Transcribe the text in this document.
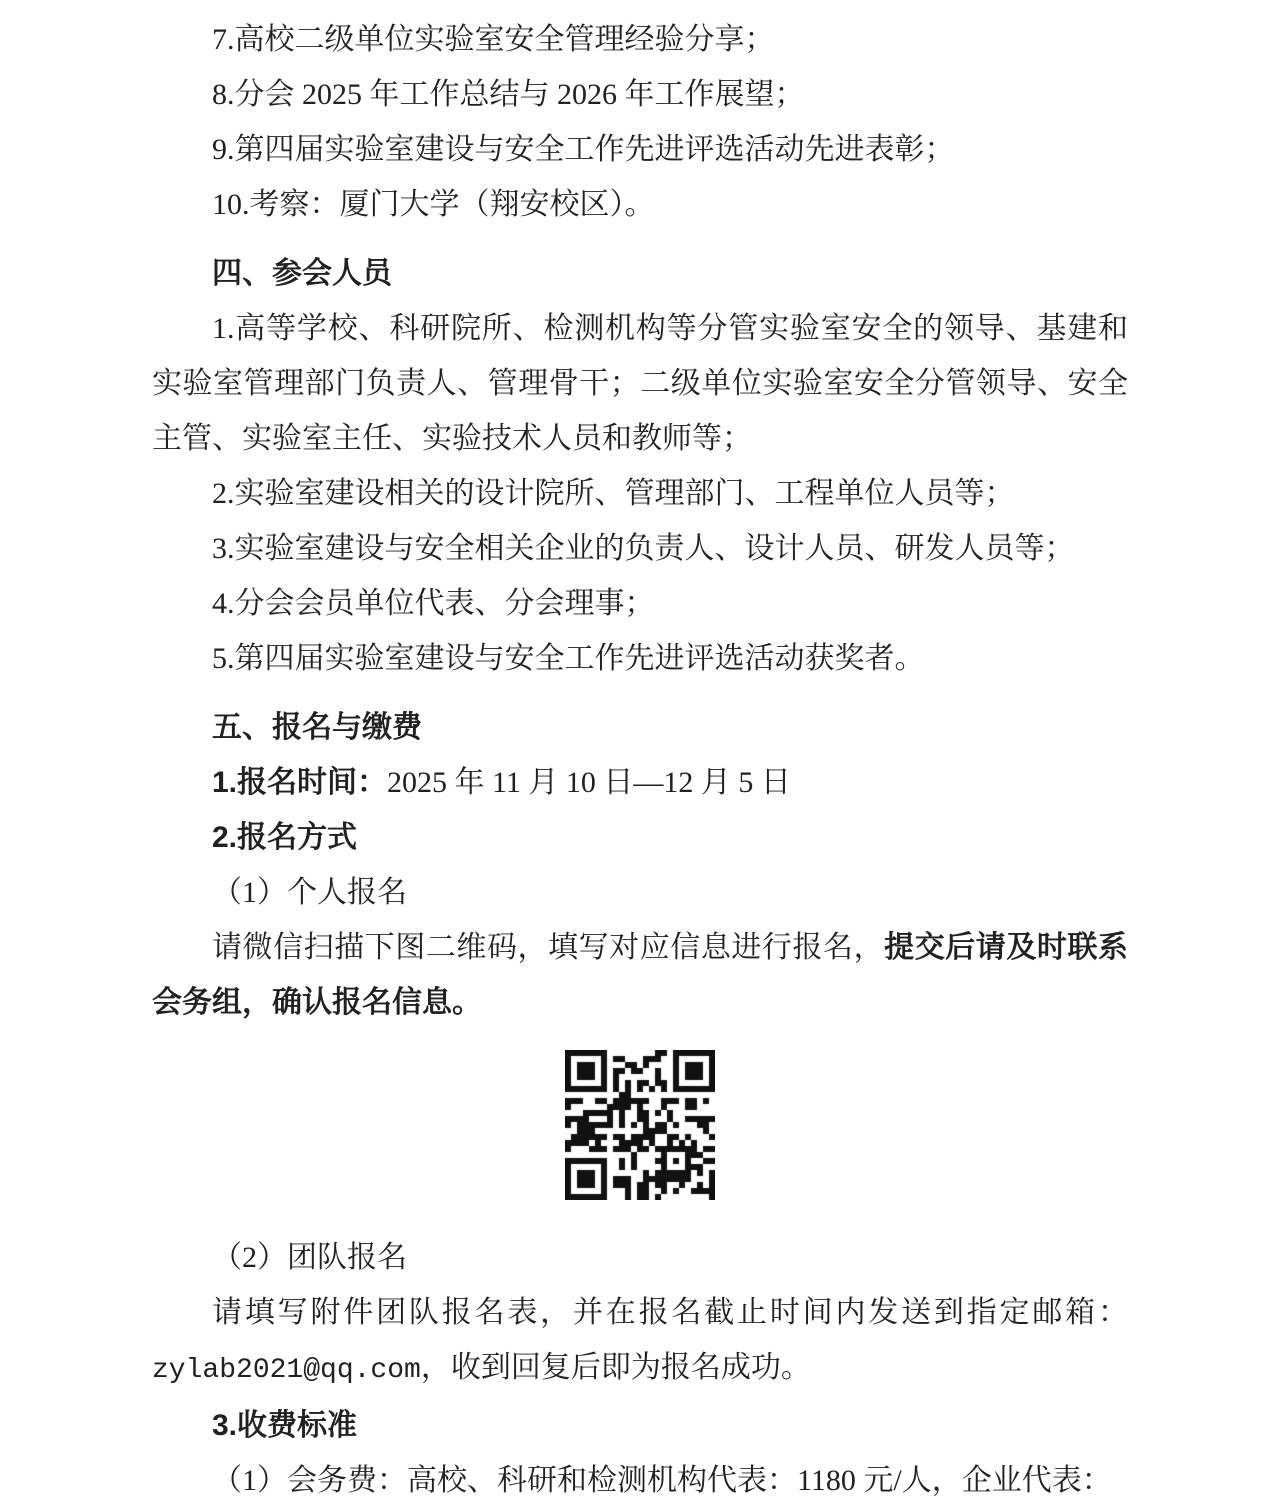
7.高校二级单位实验室安全管理经验分享；

8.分会 2025 年工作总结与 2026 年工作展望；

9.第四届实验室建设与安全工作先进评选活动先进表彰；

10.考察：厦门大学（翔安校区）。

四、参会人员

1.高等学校、科研院所、检测机构等分管实验室安全的领导、基建和实验室管理部门负责人、管理骨干；二级单位实验室安全分管领导、安全主管、实验室主任、实验技术人员和教师等；

2.实验室建设相关的设计院所、管理部门、工程单位人员等；

3.实验室建设与安全相关企业的负责人、设计人员、研发人员等；

4.分会会员单位代表、分会理事；

5.第四届实验室建设与安全工作先进评选活动获奖者。

五、报名与缴费

1.报名时间：2025 年 11 月 10 日—12 月 5 日

2.报名方式

（1）个人报名

请微信扫描下图二维码，填写对应信息进行报名，提交后请及时联系会务组，确认报名信息。

（2）团队报名

请填写附件团队报名表，并在报名截止时间内发送到指定邮箱：zylab2021@qq.com，收到回复后即为报名成功。

3.收费标准

（1）会务费：高校、科研和检测机构代表：1180 元/人，企业代表：
